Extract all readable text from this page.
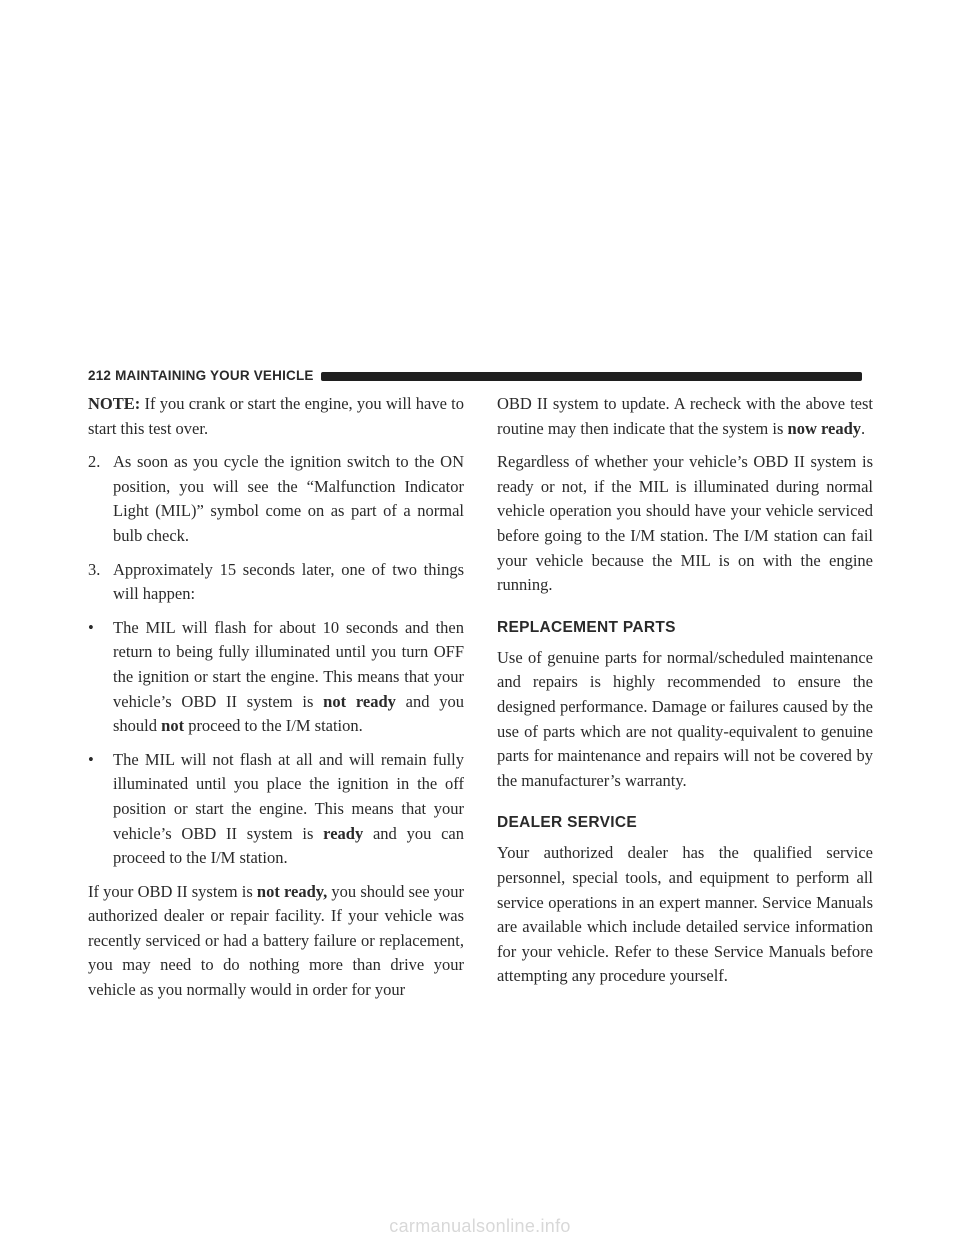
212 MAINTAINING YOUR VEHICLE

NOTE: If you crank or start the engine, you will have to start this test over.

2. As soon as you cycle the ignition switch to the ON position, you will see the “Malfunction Indicator Light (MIL)” symbol come on as part of a normal bulb check.
3. Approximately 15 seconds later, one of two things will happen:
•	The MIL will flash for about 10 seconds and then return to being fully illuminated until you turn OFF the ignition or start the engine. This means that your vehicle’s OBD II system is not ready and you should not proceed to the I/M station.
•	The MIL will not flash at all and will remain fully illuminated until you place the ignition in the off position or start the engine. This means that your vehicle’s OBD II system is ready and you can proceed to the I/M station.

If your OBD II system is not ready, you should see your authorized dealer or repair facility. If your vehicle was recently serviced or had a battery failure or replacement, you may need to do nothing more than drive your vehicle as you normally would in order for your

OBD II system to update. A recheck with the above test routine may then indicate that the system is now ready.

Regardless of whether your vehicle’s OBD II system is ready or not, if the MIL is illuminated during normal vehicle operation you should have your vehicle serviced before going to the I/M station. The I/M station can fail your vehicle because the MIL is on with the engine running.

REPLACEMENT PARTS

Use of genuine parts for normal/scheduled maintenance and repairs is highly recommended to ensure the designed performance. Damage or failures caused by the use of parts which are not quality-equivalent to genuine parts for maintenance and repairs will not be covered by the manufacturer’s warranty.

DEALER SERVICE

Your authorized dealer has the qualified service personnel, special tools, and equipment to perform all service operations in an expert manner. Service Manuals are available which include detailed service information for your vehicle. Refer to these Service Manuals before attempting any procedure yourself.

carmanualsonline.info
